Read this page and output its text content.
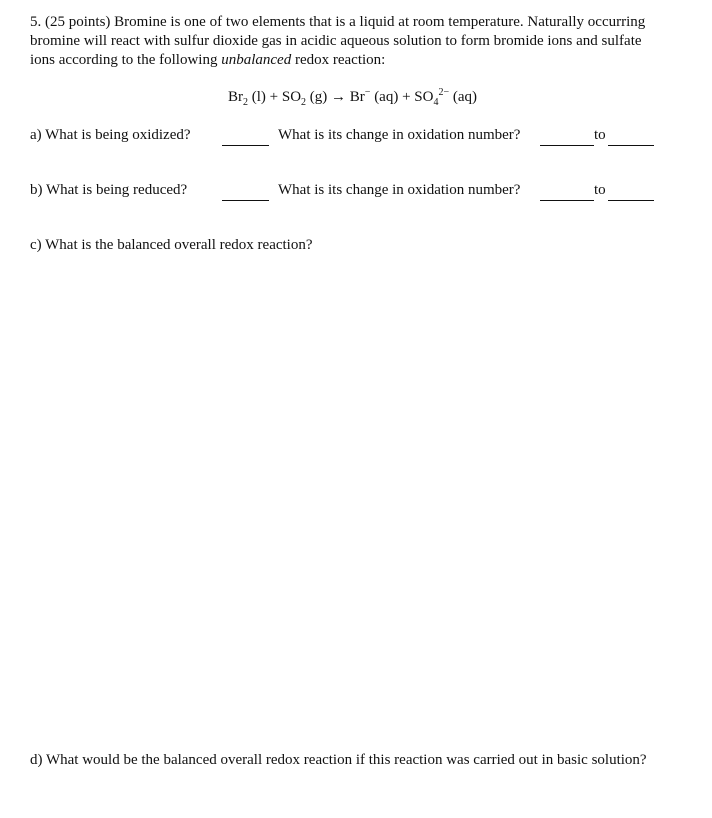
5. (25 points) Bromine is one of two elements that is a liquid at room temperature. Naturally occurring

bromine will react with sulfur dioxide gas in acidic aqueous solution to form bromide ions and sulfate

ions according to the following unbalanced redox reaction:

$Br_2$ $(l) + SO_2$ (g) → Br− $(aq) + SO_4^{2-}$ (aq)
a) What is being oxidized?	What is its change in oxidation number?	to
b) What is being reduced?	What is its change in oxidation number?	to
c) What is the balanced overall redox reaction?
d) What would be the balanced overall redox reaction if this reaction was carried out in basic solution?
